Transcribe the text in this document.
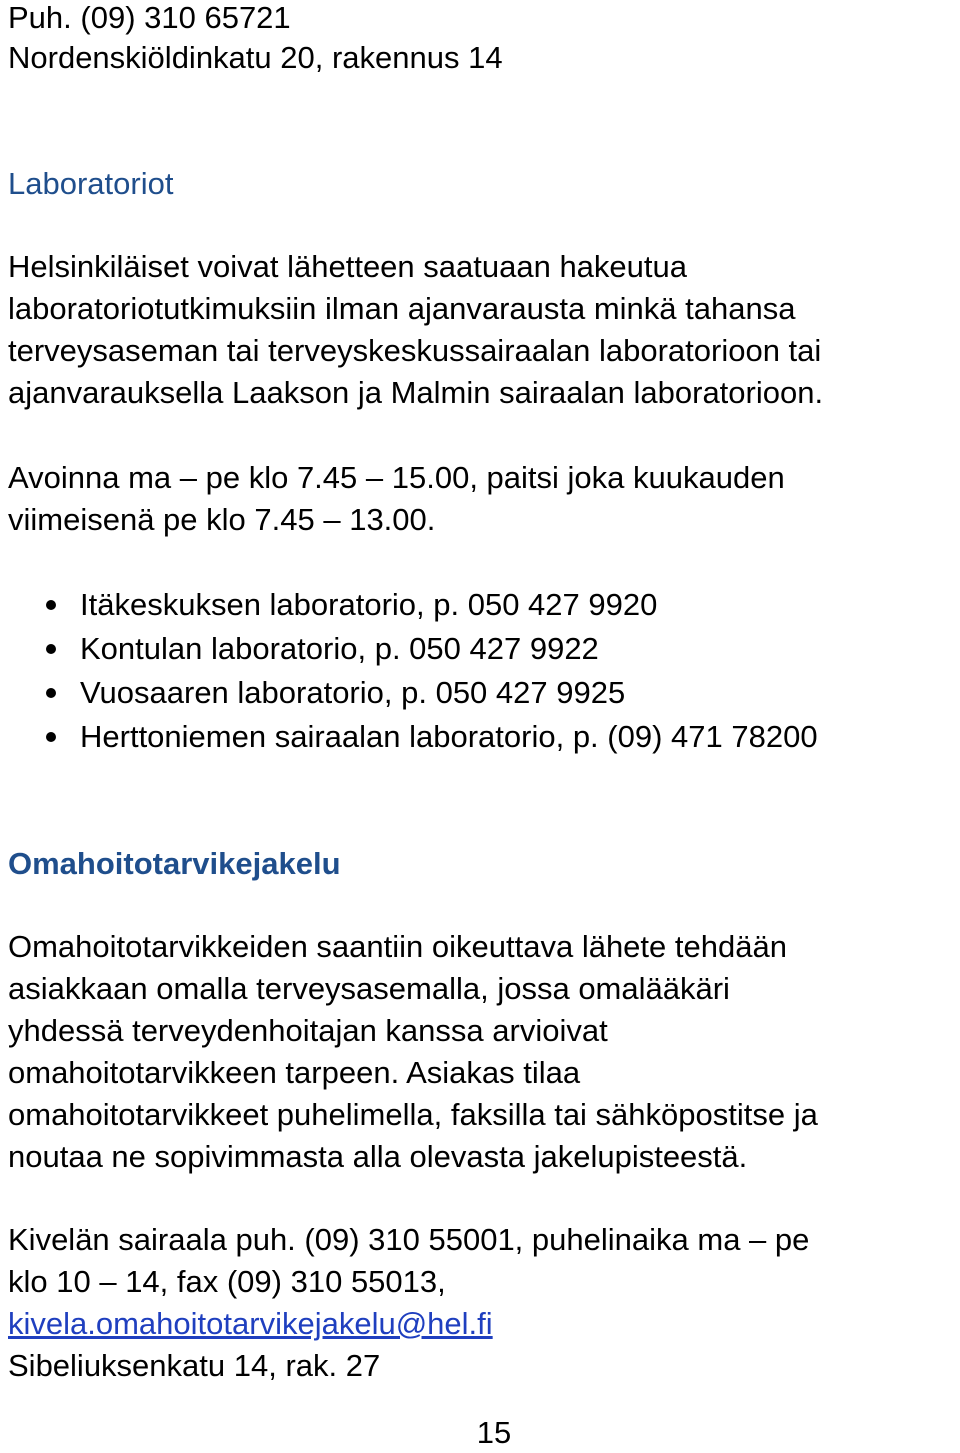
Puh. (09) 310 65721
Nordenskiöldinkatu 20, rakennus 14
Laboratoriot
Helsinkiläiset voivat lähetteen saatuaan hakeutua
laboratoriotutkimuksiin ilman ajanvarausta minkä tahansa
terveysaseman tai terveyskeskussairaalan laboratorioon tai
ajanvarauksella Laakson ja Malmin sairaalan laboratorioon.
Avoinna ma – pe klo 7.45 – 15.00, paitsi joka kuukauden
viimeisenä pe klo 7.45 – 13.00.
Itäkeskuksen laboratorio, p. 050 427 9920
Kontulan laboratorio, p. 050 427 9922
Vuosaaren laboratorio, p. 050 427 9925
Herttoniemen sairaalan laboratorio, p. (09) 471 78200
Omahoitotarvikejakelu
Omahoitotarvikkeiden saantiin oikeuttava lähete tehdään
asiakkaan omalla terveysasemalla, jossa omalääkäri
yhdessä terveydenhoitajan kanssa arvioivat
omahoitotarvikkeen tarpeen. Asiakas tilaa
omahoitotarvikkeet puhelimella, faksilla tai sähköpostitse ja
noutaa ne sopivimmasta alla olevasta jakelupisteestä.
Kivelän sairaala puh. (09) 310 55001, puhelinaika ma – pe
klo 10 – 14, fax (09) 310 55013,
kivela.omahoitotarvikejakelu@hel.fi
Sibeliuksenkatu 14, rak. 27
15
